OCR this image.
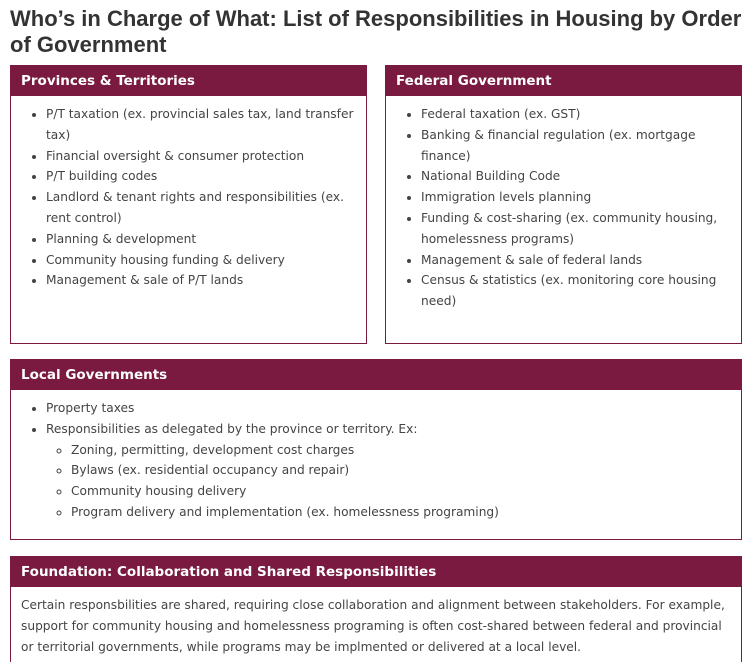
Who’s in Charge of What: List of Responsibilities in Housing by Order of Government
Provinces & Territories
• P/T taxation (ex. provincial sales tax, land transfer tax)
• Financial oversight & consumer protection
• P/T building codes
• Landlord & tenant rights and responsibilities (ex. rent control)
• Planning & development
• Community housing funding & delivery
• Management & sale of P/T lands
Federal Government
• Federal taxation (ex. GST)
• Banking & financial regulation (ex. mortgage finance)
• National Building Code
• Immigration levels planning
• Funding & cost-sharing (ex. community housing, homelessness programs)
• Management & sale of federal lands
• Census & statistics (ex. monitoring core housing need)
Local Governments
• Property taxes
• Responsibilities as delegated by the province or territory. Ex:
◦ Zoning, permitting, development cost charges
◦ Bylaws (ex. residential occupancy and repair)
◦ Community housing delivery
◦ Program delivery and implementation (ex. homelessness programing)
Foundation: Collaboration and Shared Responsibilities

Certain responsbilities are shared, requiring close collaboration and alignment between stakeholders. For example, support for community housing and homelessness programing is often cost-shared between federal and provincial or territorial governments, while programs may be implmented or delivered at a local level.
